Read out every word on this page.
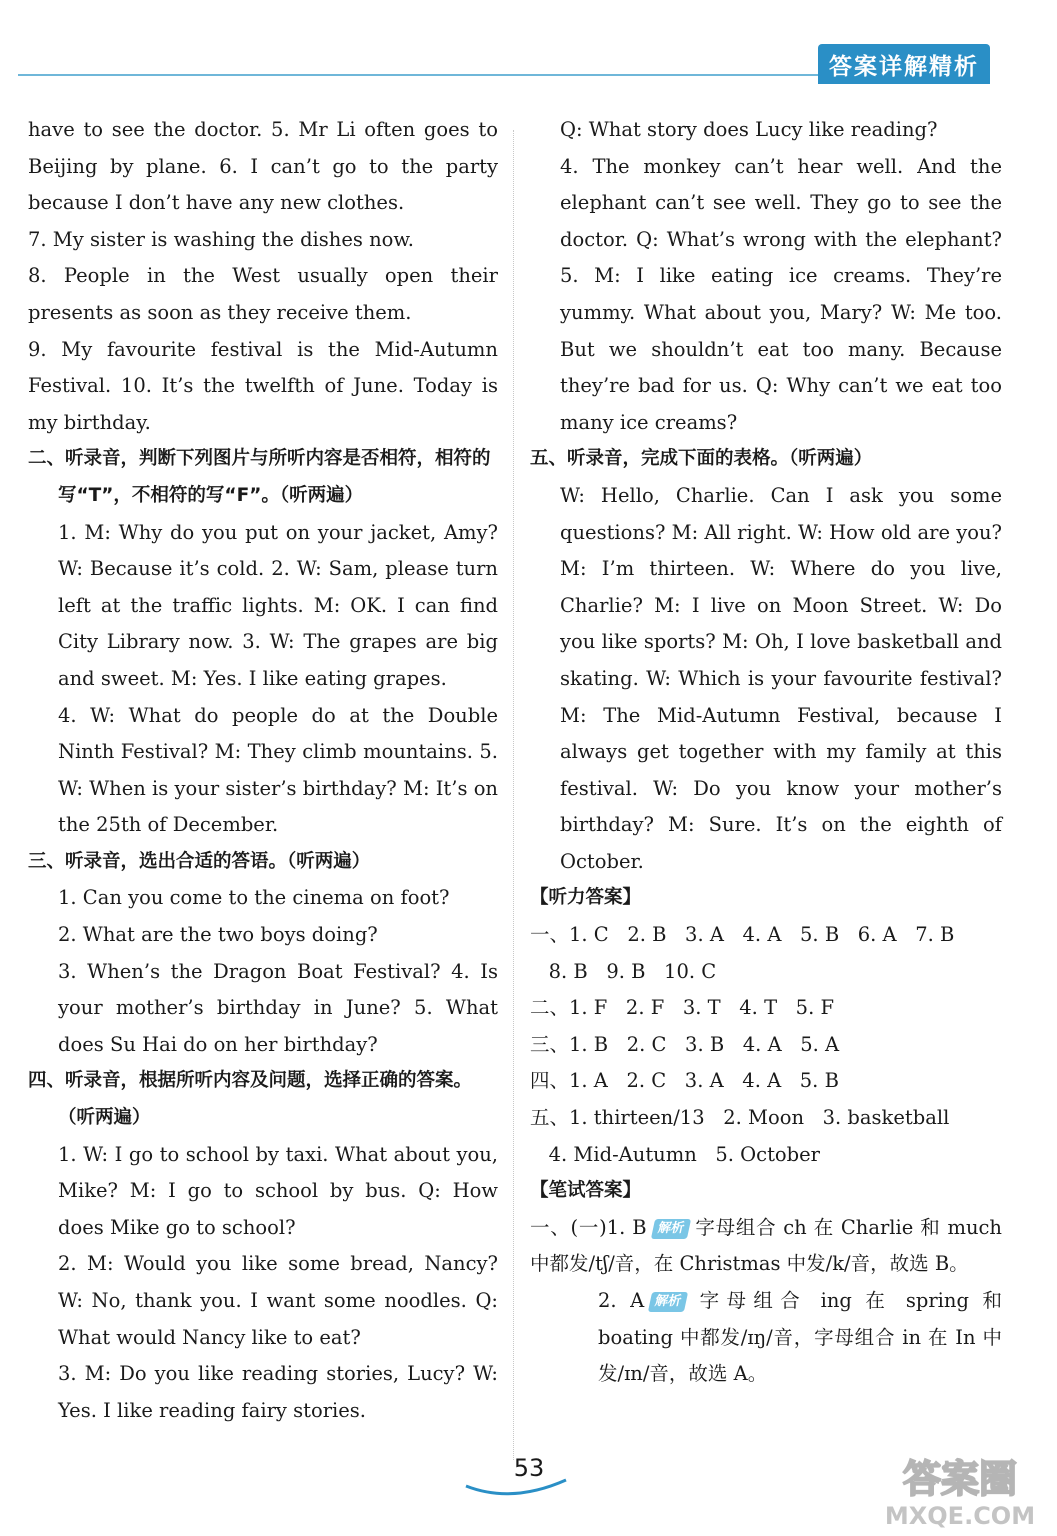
答案详解精析

have to see the doctor. 5. Mr Li often goes to Beijing by plane. 6. I can’t go to the party because I don’t have any new clothes.

7. My sister is washing the dishes now.

8. People in the West usually open their presents as soon as they receive them.

9. My favourite festival is the Mid-Autumn Festival. 10. It’s the twelfth of June. Today is my birthday.

二、听录音，判断下列图片与所听内容是否相符，相符的写“T”，不相符的写“F”。（听两遍）

1. M: Why do you put on your jacket, Amy? W: Because it’s cold. 2. W: Sam, please turn left at the traffic lights. M: OK. I can find City Library now. 3. W: The grapes are big and sweet. M: Yes. I like eating grapes.

4. W: What do people do at the Double Ninth Festival? M: They climb mountains. 5. W: When is your sister’s birthday? M: It’s on the 25th of December.

三、听录音，选出合适的答语。（听两遍）

1. Can you come to the cinema on foot?

2. What are the two boys doing?

3. When’s the Dragon Boat Festival? 4. Is your mother’s birthday in June? 5. What does Su Hai do on her birthday?

四、听录音，根据所听内容及问题，选择正确的答案。（听两遍）

1. W: I go to school by taxi. What about you, Mike? M: I go to school by bus. Q: How does Mike go to school?

2. M: Would you like some bread, Nancy? W: No, thank you. I want some noodles. Q: What would Nancy like to eat?

3. M: Do you like reading stories, Lucy? W: Yes. I like reading fairy stories.

Q: What story does Lucy like reading?

4. The monkey can’t hear well. And the elephant can’t see well. They go to see the doctor. Q: What’s wrong with the elephant? 5. M: I like eating ice creams. They’re yummy. What about you, Mary? W: Me too. But we shouldn’t eat too many. Because they’re bad for us. Q: Why can’t we eat too many ice creams?

五、听录音，完成下面的表格。（听两遍）

W: Hello, Charlie. Can I ask you some questions? M: All right. W: How old are you? M: I’m thirteen. W: Where do you live, Charlie? M: I live on Moon Street. W: Do you like sports? M: Oh, I love basketball and skating. W: Which is your favourite festival? M: The Mid-Autumn Festival, because I always get together with my family at this festival. W: Do you know your mother’s birthday? M: Sure. It’s on the eighth of October.

【听力答案】

一、1. C   2. B   3. A   4. A   5. B   6. A   7. B

8. B   9. B   10. C

二、1. F   2. F   3. T   4. T   5. F

三、1. B   2. C   3. B   4. A   5. A

四、1. A   2. C   3. A   4. A   5. B

五、1. thirteen/13   2. Moon   3. basketball

4. Mid-Autumn   5. October

【笔试答案】

一、(一)1. B 解析 字母组合 ch 在 Charlie 和 much 中都发/tʃ/音，在 Christmas 中发/k/音，故选 B。

2. A 解析 字母组合 ing 在 spring 和 boating 中都发/ɪŋ/音，字母组合 in 在 In 中发/ɪn/音，故选 A。

53	答案圈
MXQE.COM
